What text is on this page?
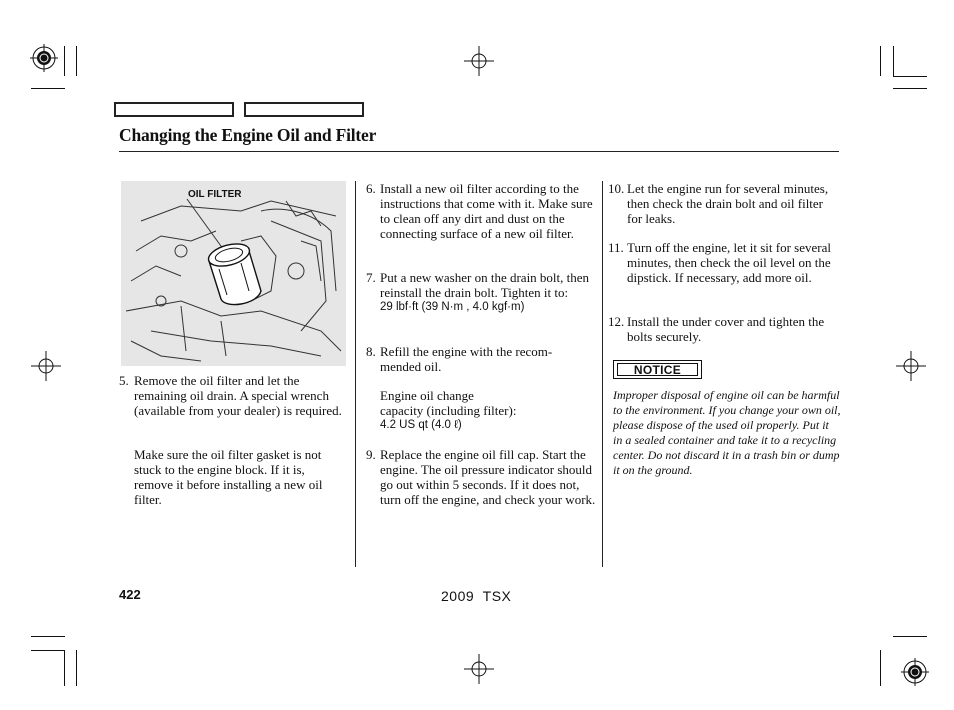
Changing the Engine Oil and Filter
OIL FILTER
5. Remove the oil filter and let the remaining oil drain. A special wrench (available from your dealer) is required.
Make sure the oil filter gasket is not stuck to the engine block. If it is, remove it before installing a new oil filter.
6. Install a new oil filter according to the instructions that come with it. Make sure to clean off any dirt and dust on the connecting surface of a new oil filter.
7. Put a new washer on the drain bolt, then reinstall the drain bolt. Tighten it to:
29 lbf·ft (39 N·m , 4.0 kgf·m)
8. Refill the engine with the recom- mended oil.
Engine oil change capacity (including filter):
4.2 US qt (4.0 ℓ)
9. Replace the engine oil fill cap. Start the engine. The oil pressure indicator should go out within 5 seconds. If it does not, turn off the engine, and check your work.
10. Let the engine run for several minutes, then check the drain bolt and oil filter for leaks.
11. Turn off the engine, let it sit for several minutes, then check the oil level on the dipstick. If necessary, add more oil.
12. Install the under cover and tighten the bolts securely.
NOTICE
Improper disposal of engine oil can be harmful to the environment. If you change your own oil, please dispose of the used oil properly. Put it in a sealed container and take it to a recycling center. Do not discard it in a trash bin or dump it on the ground.
422	2009  TSX
